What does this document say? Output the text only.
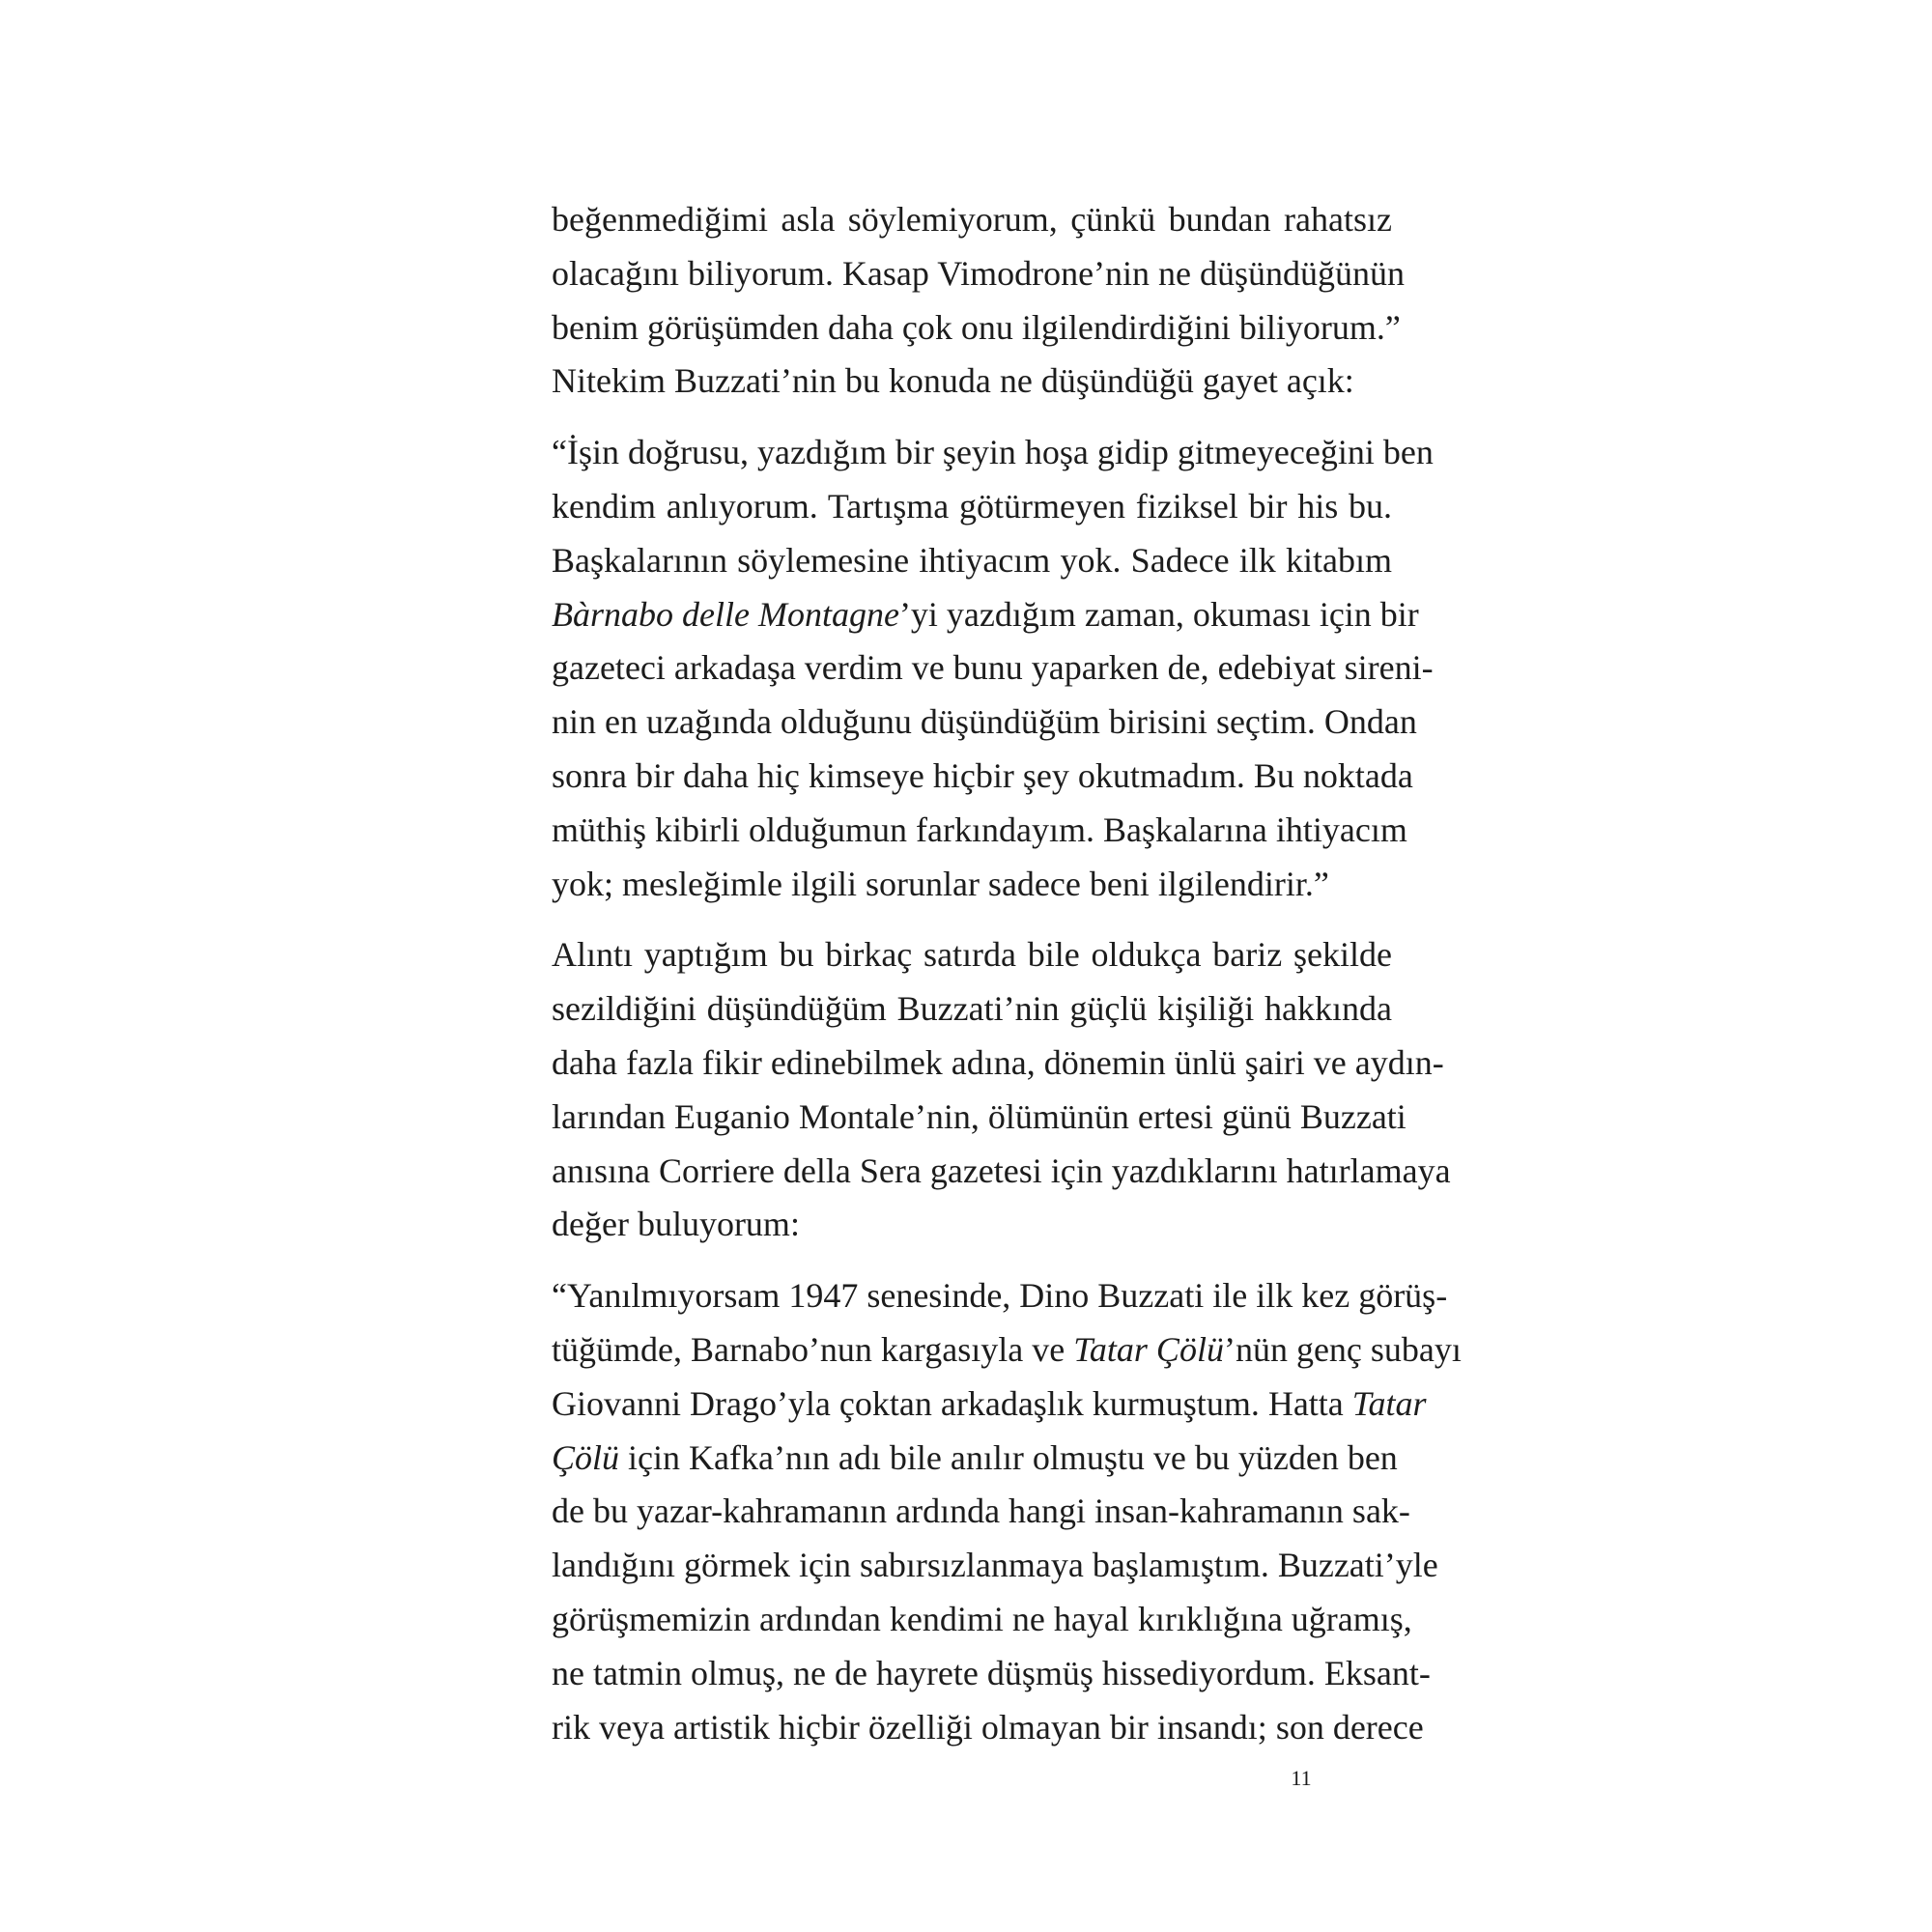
beğenmediğimi asla söylemiyorum, çünkü bundan rahatsız
olacağını biliyorum. Kasap Vimodrone’nin ne düşündüğünün
benim görüşümden daha çok onu ilgilendirdiğini biliyorum.”
Nitekim Buzzati’nin bu konuda ne düşündüğü gayet açık:
“İşin doğrusu, yazdığım bir şeyin hoşa gidip gitmeyeceğini ben
kendim anlıyorum. Tartışma götürmeyen fiziksel bir his bu.
Başkalarının söylemesine ihtiyacım yok. Sadece ilk kitabım
Bàrnabo delle Montagne’yi yazdığım zaman, okuması için bir
gazeteci arkadaşa verdim ve bunu yaparken de, edebiyat sireni-
nin en uzağında olduğunu düşündüğüm birisini seçtim. Ondan
sonra bir daha hiç kimseye hiçbir şey okutmadım. Bu noktada
müthiş kibirli olduğumun farkındayım. Başkalarına ihtiyacım
yok; mesleğimle ilgili sorunlar sadece beni ilgilendirir.”
Alıntı yaptığım bu birkaç satırda bile oldukça bariz şekilde
sezildiğini düşündüğüm Buzzati’nin güçlü kişiliği hakkında
daha fazla fikir edinebilmek adına, dönemin ünlü şairi ve aydın-
larından Euganio Montale’nin, ölümünün ertesi günü Buzzati
anısına Corriere della Sera gazetesi için yazdıklarını hatırlamaya
değer buluyorum:
“Yanılmıyorsam 1947 senesinde, Dino Buzzati ile ilk kez görüş-
tüğümde, Barnabo’nun kargasıyla ve Tatar Çölü’nün genç subayı
Giovanni Drago’yla çoktan arkadaşlık kurmuştum. Hatta Tatar
Çölü için Kafka’nın adı bile anılır olmuştu ve bu yüzden ben
de bu yazar-kahramanın ardında hangi insan-kahramanın sak-
landığını görmek için sabırsızlanmaya başlamıştım. Buzzati’yle
görüşmemizin ardından kendimi ne hayal kırıklığına uğramış,
ne tatmin olmuş, ne de hayrete düşmüş hissediyordum. Eksant-
rik veya artistik hiçbir özelliği olmayan bir insandı; son derece
11
